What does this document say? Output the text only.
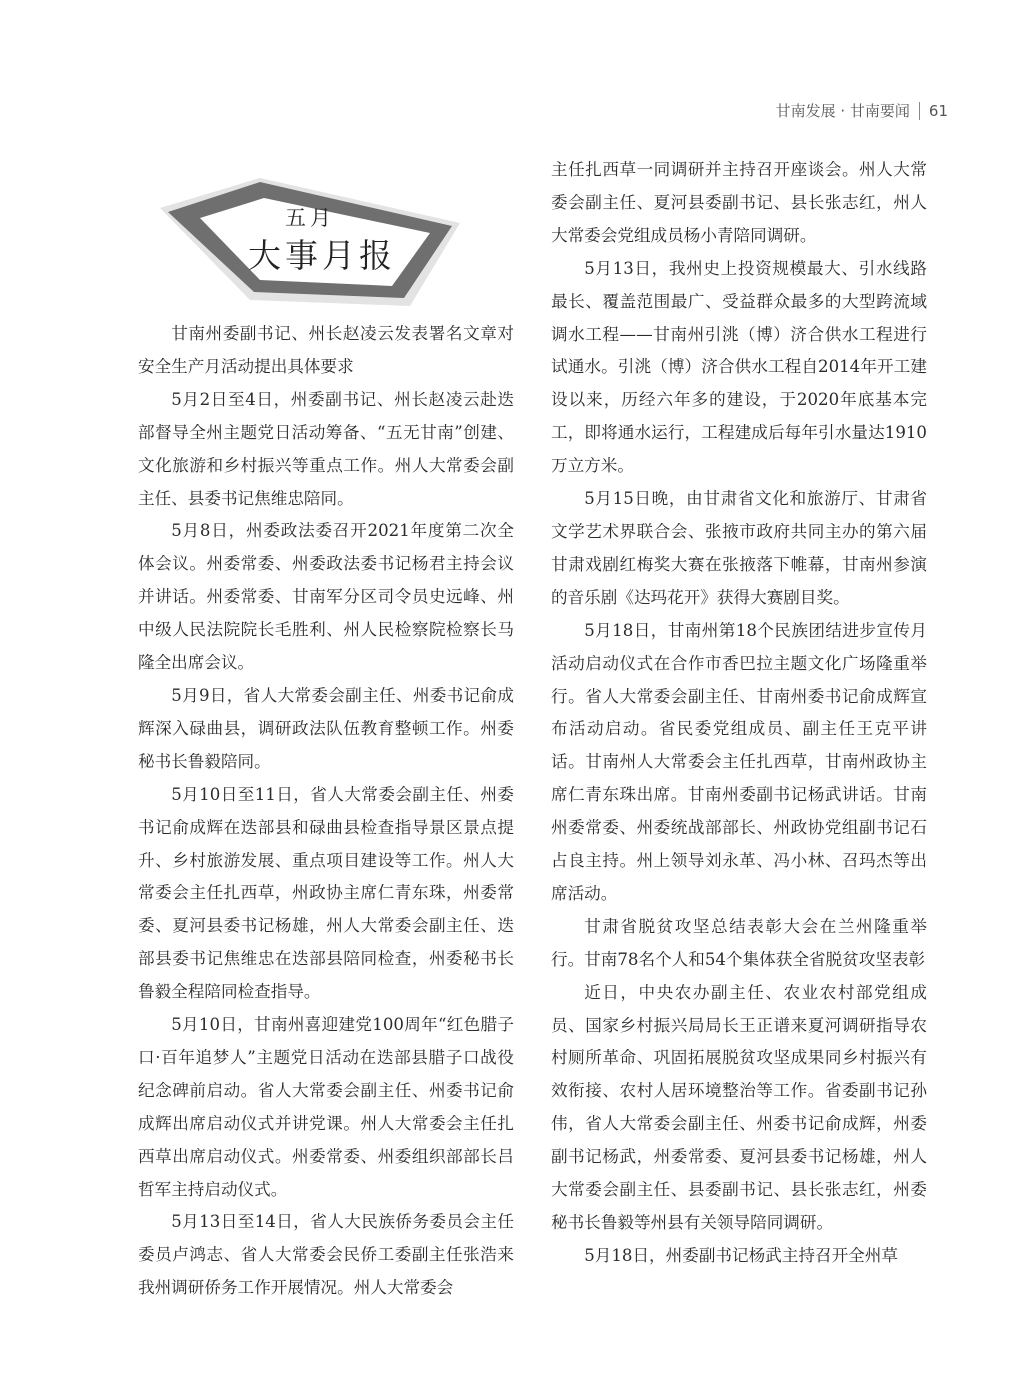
甘南发展 · 甘南要闻 61
五月
大事月报

甘南州委副书记、州长赵凌云发表署名文章对安全生产月活动提出具体要求

5月2日至4日，州委副书记、州长赵凌云赴迭部督导全州主题党日活动筹备、“五无甘南”创建、文化旅游和乡村振兴等重点工作。州人大常委会副主任、县委书记焦维忠陪同。

5月8日，州委政法委召开2021年度第二次全体会议。州委常委、州委政法委书记杨君主持会议并讲话。州委常委、甘南军分区司令员史远峰、州中级人民法院院长毛胜利、州人民检察院检察长马隆全出席会议。

5月9日，省人大常委会副主任、州委书记俞成辉深入碌曲县，调研政法队伍教育整顿工作。州委秘书长鲁毅陪同。

5月10日至11日，省人大常委会副主任、州委书记俞成辉在迭部县和碌曲县检查指导景区景点提升、乡村旅游发展、重点项目建设等工作。州人大常委会主任扎西草，州政协主席仁青东珠，州委常委、夏河县委书记杨雄，州人大常委会副主任、迭部县委书记焦维忠在迭部县陪同检查，州委秘书长鲁毅全程陪同检查指导。

5月10日，甘南州喜迎建党100周年“红色腊子口·百年追梦人”主题党日活动在迭部县腊子口战役纪念碑前启动。省人大常委会副主任、州委书记俞成辉出席启动仪式并讲党课。州人大常委会主任扎西草出席启动仪式。州委常委、州委组织部部长吕哲军主持启动仪式。

5月13日至14日，省人大民族侨务委员会主任委员卢鸿志、省人大常委会民侨工委副主任张浩来我州调研侨务工作开展情况。州人大常委会

主任扎西草一同调研并主持召开座谈会。州人大常委会副主任、夏河县委副书记、县长张志红，州人大常委会党组成员杨小青陪同调研。

5月13日，我州史上投资规模最大、引水线路最长、覆盖范围最广、受益群众最多的大型跨流域调水工程——甘南州引洮（博）济合供水工程进行试通水。引洮（博）济合供水工程自2014年开工建设以来，历经六年多的建设，于2020年底基本完工，即将通水运行，工程建成后每年引水量达1910万立方米。

5月15日晚，由甘肃省文化和旅游厅、甘肃省文学艺术界联合会、张掖市政府共同主办的第六届甘肃戏剧红梅奖大赛在张掖落下帷幕，甘南州参演的音乐剧《达玛花开》获得大赛剧目奖。

5月18日，甘南州第18个民族团结进步宣传月活动启动仪式在合作市香巴拉主题文化广场隆重举行。省人大常委会副主任、甘南州委书记俞成辉宣布活动启动。省民委党组成员、副主任王克平讲话。甘南州人大常委会主任扎西草，甘南州政协主席仁青东珠出席。甘南州委副书记杨武讲话。甘南州委常委、州委统战部部长、州政协党组副书记石占良主持。州上领导刘永革、冯小林、召玛杰等出席活动。

甘肃省脱贫攻坚总结表彰大会在兰州隆重举行。甘南78名个人和54个集体获全省脱贫攻坚表彰

近日，中央农办副主任、农业农村部党组成员、国家乡村振兴局局长王正谱来夏河调研指导农村厕所革命、巩固拓展脱贫攻坚成果同乡村振兴有效衔接、农村人居环境整治等工作。省委副书记孙伟，省人大常委会副主任、州委书记俞成辉，州委副书记杨武，州委常委、夏河县委书记杨雄，州人大常委会副主任、县委副书记、县长张志红，州委秘书长鲁毅等州县有关领导陪同调研。

5月18日，州委副书记杨武主持召开全州草
